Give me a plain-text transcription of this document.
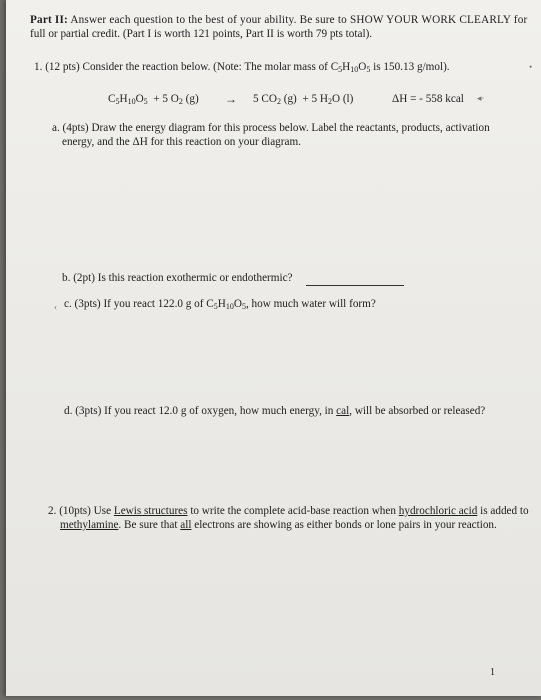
Part II: Answer each question to the best of your ability. Be sure to SHOW YOUR WORK CLEARLY for
full or partial credit. (Part I is worth 121 points, Part II is worth 79 pts total).
1. (12 pts) Consider the reaction below. (Note: The molar mass of $C_5H_{10}O_5$ is 150.13 g/mol).	•
$C_5H_{10}O_5 + 5$ $O_2$ (g) → 5 $CO_2$ (g) + 5 $H_2O$ (l)	ΔH = - 558 kcal ◂·
a. (4pts) Draw the energy diagram for this process below. Label the reactants, products, activation
energy, and the ΔH for this reaction on your diagram.
b. (2pt) Is this reaction exothermic or endothermic?
‹ c. (3pts) If you react 122.0 g of $C_5H_{10}O_5$, how much water will form?
d. (3pts) If you react 12.0 g of oxygen, how much energy, in cal, will be absorbed or released?
2. (10pts) Use Lewis structures to write the complete acid-base reaction when hydrochloric acid is added to
methylamine. Be sure that all electrons are showing as either bonds or lone pairs in your reaction.
1
